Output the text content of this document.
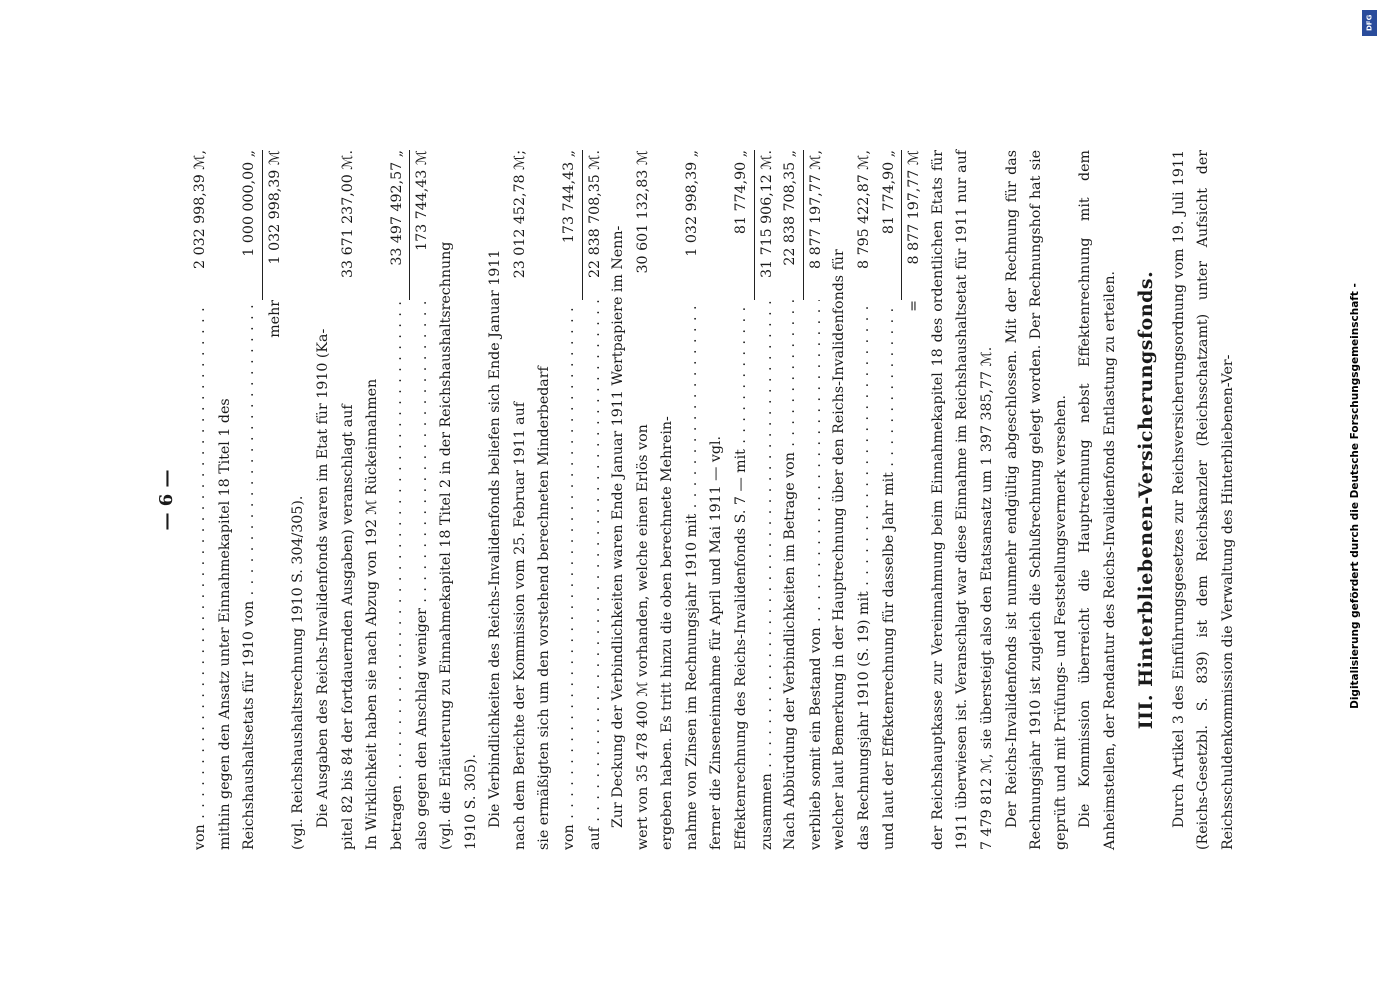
— 6 —
von . . .
2 032 998,39 ℳ,
mithin gegen den Ansatz unter Einnahmekapitel 18 Titel 1 des Reichshaushaltsetats für 1910 von . . .
1 000 000,00 „
mehr
1 032 998,39 ℳ
(vgl. Reichshaushaltsrechnung 1910 S. 304/305). Die Ausgaben des Reichs-Invalidenfonds waren im Etat für 1910 (Ka- pitel 82 bis 84 der fortdauernden Ausgaben) veranschlagt auf
33 671 237,00 ℳ.
In Wirklichkeit haben sie nach Abzug von 192 ℳ Rückeinnahmen betragen . . .
33 497 492,57 „
also gegen den Anschlag weniger . . .
173 744,43 ℳ
(vgl. die Erläuterung zu Einnahmekapitel 18 Titel 2 in der Reichshaushaltsrechnung 1910 S. 305). Die Verbindlichkeiten des Reichs-Invalidenfonds beliefen sich Ende Januar 1911 nach dem Berichte der Kommission vom 25. Februar 1911 auf
23 012 452,78 ℳ;
sie ermäßigten sich um den vorstehend berechneten Minderbedarf von . . .
173 744,43 „
auf . . .
22 838 708,35 ℳ.
Zur Deckung der Verbindlichkeiten waren Ende Januar 1911 Wertpapiere im Nenn- wert von 35 478 400 ℳ vorhanden, welche einen Erlös von
30 601 132,83 ℳ
ergeben haben. Es tritt hinzu die oben berechnete Mehrein- nahme von Zinsen im Rechnungsjahr 1910 mit . . .
1 032 998,39 „
ferner die Zinseneinnahme für April und Mai 1911 — vgl. Effektenrechnung des Reichs-Invalidenfonds S. 7 — mit . . .
81 774,90 „
zusammen . . .
31 715 906,12 ℳ.
Nach Abbürdung der Verbindlichkeiten im Betrage von . . .
22 838 708,35 „
verblieb somit ein Bestand von . . .
8 877 197,77 ℳ,
welcher laut Bemerkung in der Hauptrechnung über den Reichs-Invalidenfonds für das Rechnungsjahr 1910 (S. 19) mit . . .
8 795 422,87 ℳ,
und laut der Effektenrechnung für dasselbe Jahr mit . . .
81 774,90 „
=
8 877 197,77 ℳ der Reichshauptkasse zur Vereinnahmung beim Einnahmekapitel 18 des ordentlichen Etats für 1911 überwiesen ist. Veranschlagt war diese Einnahme im Reichshaushaltsetat für 1911 nur auf 7 479 812 ℳ, sie übersteigt also den Etatsansatz um 1 397 385,77 ℳ. Der Reichs-Invalidenfonds ist nunmehr endgültig abgeschlossen. Mit der Rechnung für das Rechnungsjahr 1910 ist zugleich die Schlußrechnung gelegt worden. Der Rechnungshof hat sie geprüft und mit Prüfungs- und Feststellungsvermerk versehen. Die Kommission überreicht die Hauptrechnung nebst Effektenrechnung mit dem Anheimstellen, der Rendantur des Reichs-Invalidenfonds Entlastung zu erteilen. III. Hinterbliebenen-Versicherungsfonds. Durch Artikel 3 des Einführungsgesetzes zur Reichsversicherungsordnung vom 19. Juli 1911 (Reichs-Gesetzbl. S. 839) ist dem Reichskanzler (Reichsschatzamt) unter Aufsicht der Reichsschuldenkommission die Verwaltung des Hinterbliebenen-Ver-	Digitalisierung gefördert durch die Deutsche Forschungsgemeinschaft -
DFG
